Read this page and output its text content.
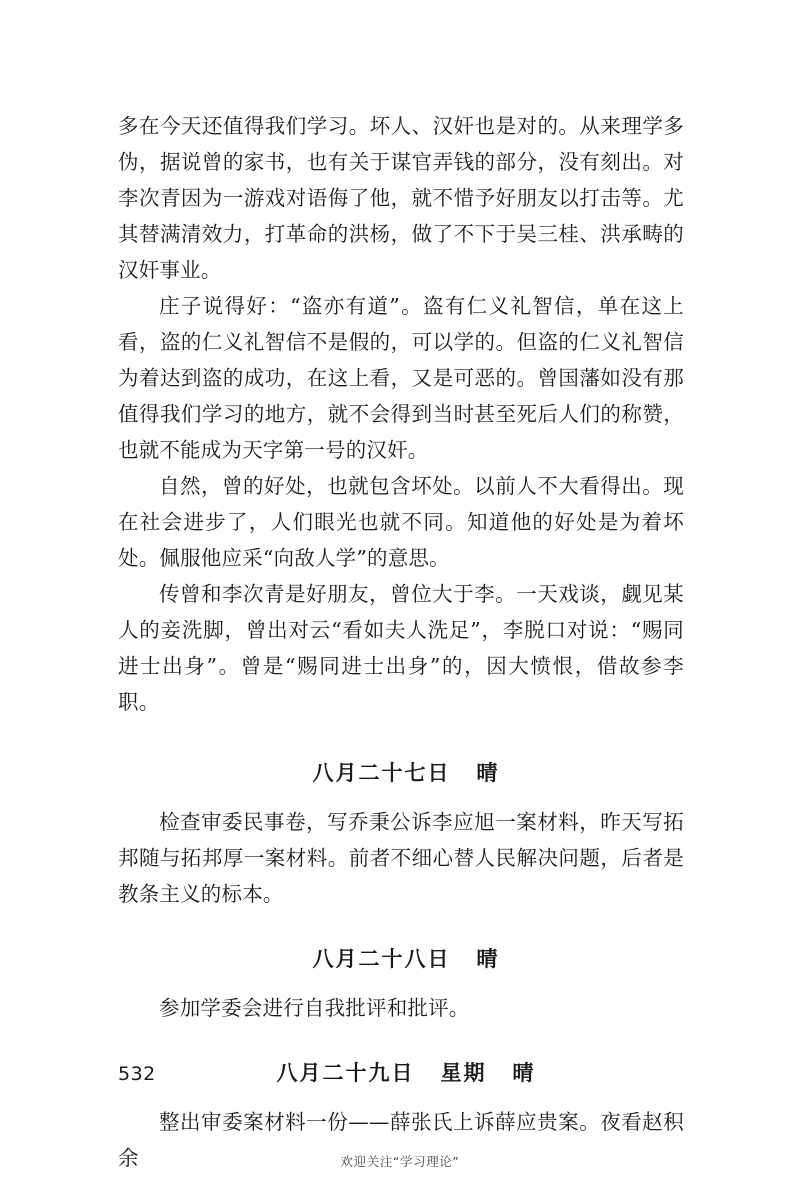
多在今天还值得我们学习。坏人、汉奸也是对的。从来理学多伪，据说曾的家书，也有关于谋官弄钱的部分，没有刻出。对李次青因为一游戏对语侮了他，就不惜予好朋友以打击等。尤其替满清效力，打革命的洪杨，做了不下于吴三桂、洪承畴的汉奸事业。

庄子说得好：“盗亦有道”。盗有仁义礼智信，单在这上看，盗的仁义礼智信不是假的，可以学的。但盗的仁义礼智信为着达到盗的成功，在这上看，又是可恶的。曾国藩如没有那值得我们学习的地方，就不会得到当时甚至死后人们的称赞，也就不能成为天字第一号的汉奸。

自然，曾的好处，也就包含坏处。以前人不大看得出。现在社会进步了，人们眼光也就不同。知道他的好处是为着坏处。佩服他应采“向敌人学”的意思。

传曾和李次青是好朋友，曾位大于李。一天戏谈，觑见某人的妾洗脚，曾出对云“看如夫人洗足”，李脱口对说：“赐同进士出身”。曾是“赐同进士出身”的，因大愤恨，借故参李职。

八月二十七日 晴

检查审委民事卷，写乔秉公诉李应旭一案材料，昨天写拓邦随与拓邦厚一案材料。前者不细心替人民解决问题，后者是教条主义的标本。

八月二十八日 晴

参加学委会进行自我批评和批评。

八月二十九日 星期 晴

整出审委案材料一份——薛张氏上诉薛应贵案。夜看赵积余

532
欢迎关注“学习理论”
